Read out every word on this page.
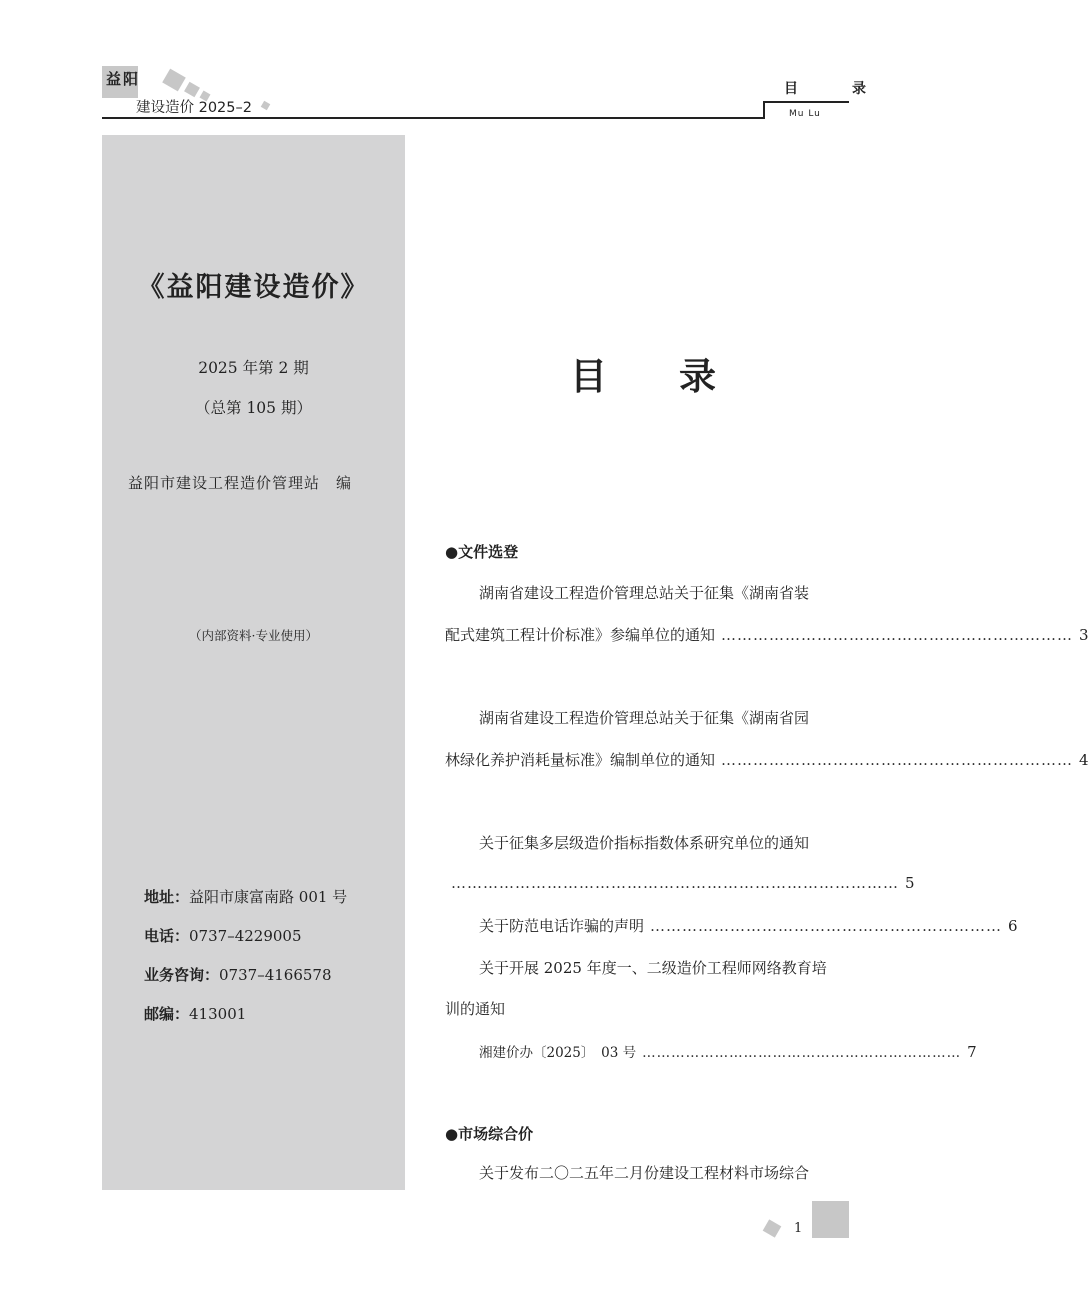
益阳
建设造价 2025–2
目　录
Mu Lu
《益阳建设造价》
2025 年第 2 期
（总第 105 期）
益阳市建设工程造价管理站　编
（内部资料·专业使用）
地址：益阳市康富南路 001 号
电话：0737–4229005
业务咨询：0737–4166578
邮编：413001
目 录
●文件选登
湖南省建设工程造价管理总站关于征集《湖南省装
配式建筑工程计价标准》参编单位的通知 ………………………………………………………… 3
湖南省建设工程造价管理总站关于征集《湖南省园
林绿化养护消耗量标准》编制单位的通知 ………………………………………………………… 4
关于征集多层级造价指标指数体系研究单位的通知
………………………………………………………………………… 5
关于防范电话诈骗的声明 ………………………………………………………… 6
关于开展 2025 年度一、二级造价工程师网络教育培
训的通知
湘建价办〔2025〕　03 号 ………………………………………………………… 7
●市场综合价
关于发布二〇二五年二月份建设工程材料市场综合
1
